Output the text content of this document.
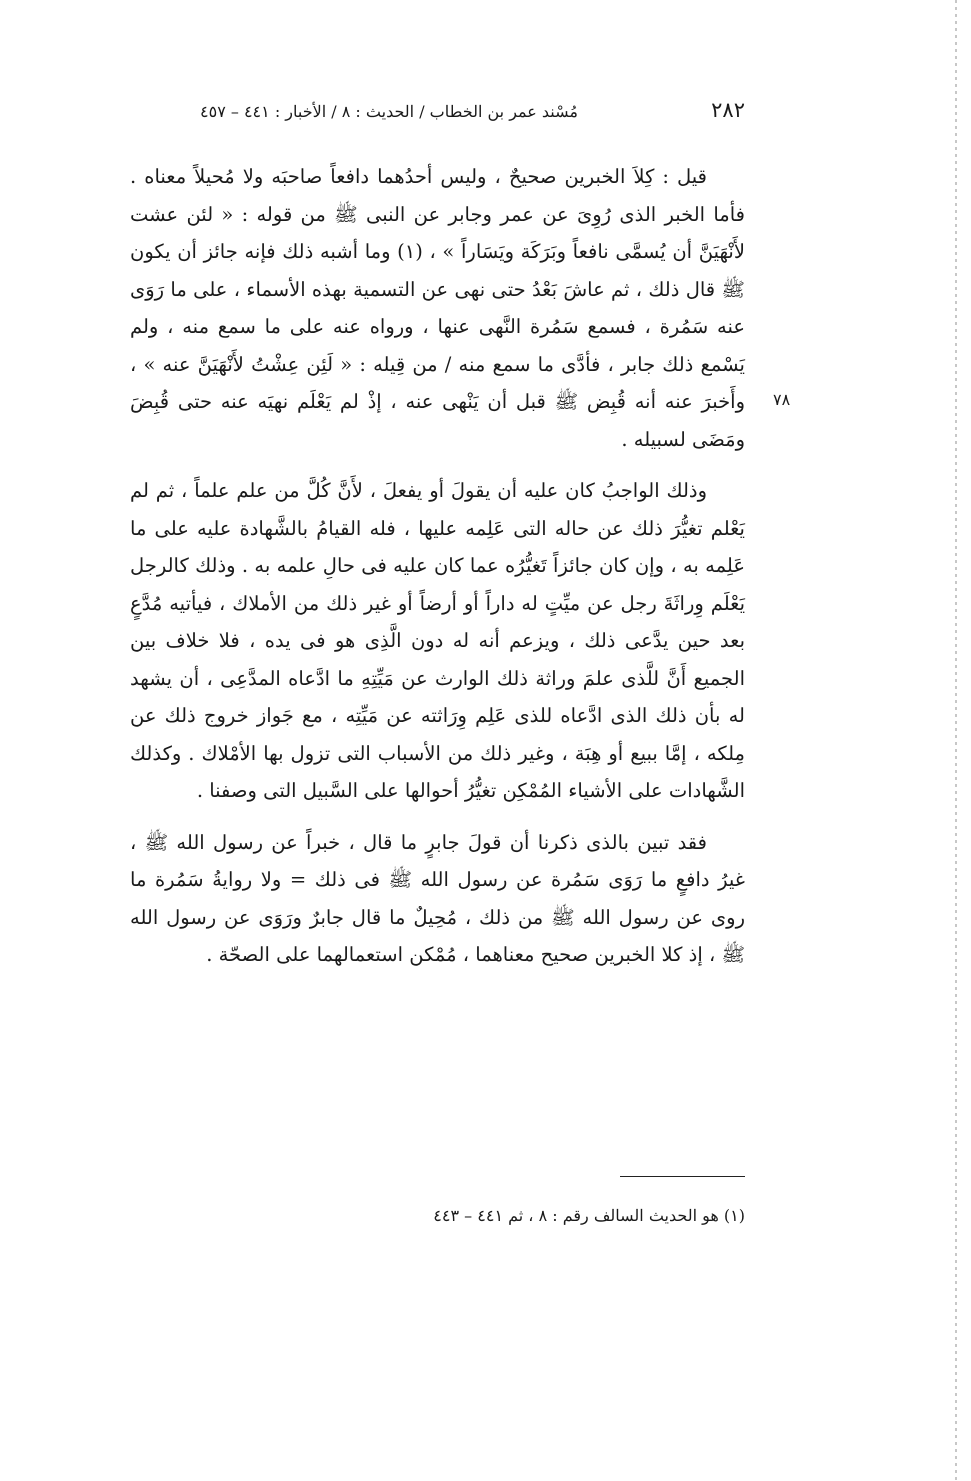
٢٨٢
مُسْند عمر بن الخطاب / الحديث : ٨ / الأخبار : ٤٤١ – ٤٥٧
٧٨

قيل : كِلاَ الخبرين صحيحٌ ، وليس أحدُهما دافعاً صاحبَه ولا مُحيلاً معناه . فأما الخبر الذى رُوِىَ عن عمر وجابر عن النبى ﷺ من قوله : « لئن عشت لأَنْهَيَنَّ أن يُسمَّى نافعاً وبَرَكَة ويَسَاراً » ، (١) وما أشبه ذلك فإنه جائز أن يكون ﷺ قال ذلك ، ثم عاشَ بَعْدُ حتى نهى عن التسمية بهذه الأسماء ، على ما رَوَى عنه سَمُرة ، فسمع سَمُرة النَّهى عنها ، ورواه عنه على ما سمع منه ، ولم يَسْمع ذلك جابر ، فأدَّى ما سمع منه / من قِيله : « لَئِن عِشْتُ لأَنْهَيَنَّ عنه » ، وأَخبرَ عنه أنه قُبِض ﷺ قبل أن يَنْهى عنه ، إذْ لم يَعْلَم نهيَه عنه حتى قُبِضَ ومَضَى لسبيله .

وذلك الواجبُ كان عليه أن يقولَ أو يفعلَ ، لأَنَّ كُلَّ من علم علماً ، ثم لم يَعْلم تغيُّرَ ذلك عن حاله التى عَلِمه عليها ، فله القيامُ بالشَّهادة عليه على ما عَلِمه به ، وإن كان جائزاً تَغيُّرُه عما كان عليه فى حالِ علمه به . وذلك كالرجل يَعْلَم وِراثَةَ رجل عن ميِّتٍ له داراً أو أرضاً أو غير ذلك من الأملاك ، فيأتيه مُدَّعٍ بعد حين يدَّعى ذلك ، ويزعم أنه له دون الَّذِى هو فى يده ، فلا خلاف بين الجميع أَنَّ للَّذى علمَ وراثة ذلك الوارث عن مَيِّتِهِ ما ادَّعاه المدَّعِى ، أن يشهد له بأن ذلك الذى ادَّعاه للذى عَلِم وِرَاثته عن مَيِّتِه ، مع جَواز خروج ذلك عن مِلكه ، إمَّا ببيع أو هِبَة ، وغير ذلك من الأسباب التى تزول بها الأمْلاك . وكذلك الشَّهادات على الأشياء المُمْكِن تغيُّرُ أحوالها على السَّبيل التى وصفنا .

فقد تبين بالذى ذكرنا أن قولَ جابرٍ ما قال ، خبراً عن رسول الله ﷺ ، غيرُ دافعٍ ما رَوَى سَمُرة عن رسول الله ﷺ فى ذلك = ولا روايةُ سَمُرة ما روى عن رسول الله ﷺ من ذلك ، مُحِيلٌ ما قال جابرٌ ورَوَى عن رسول الله ﷺ ، إذ كلا الخبرين صحيح معناهما ، مُمْكن استعمالهما على الصحّة .

(١) هو الحديث السالف رقم : ٨ ، ثم ٤٤١ – ٤٤٣
